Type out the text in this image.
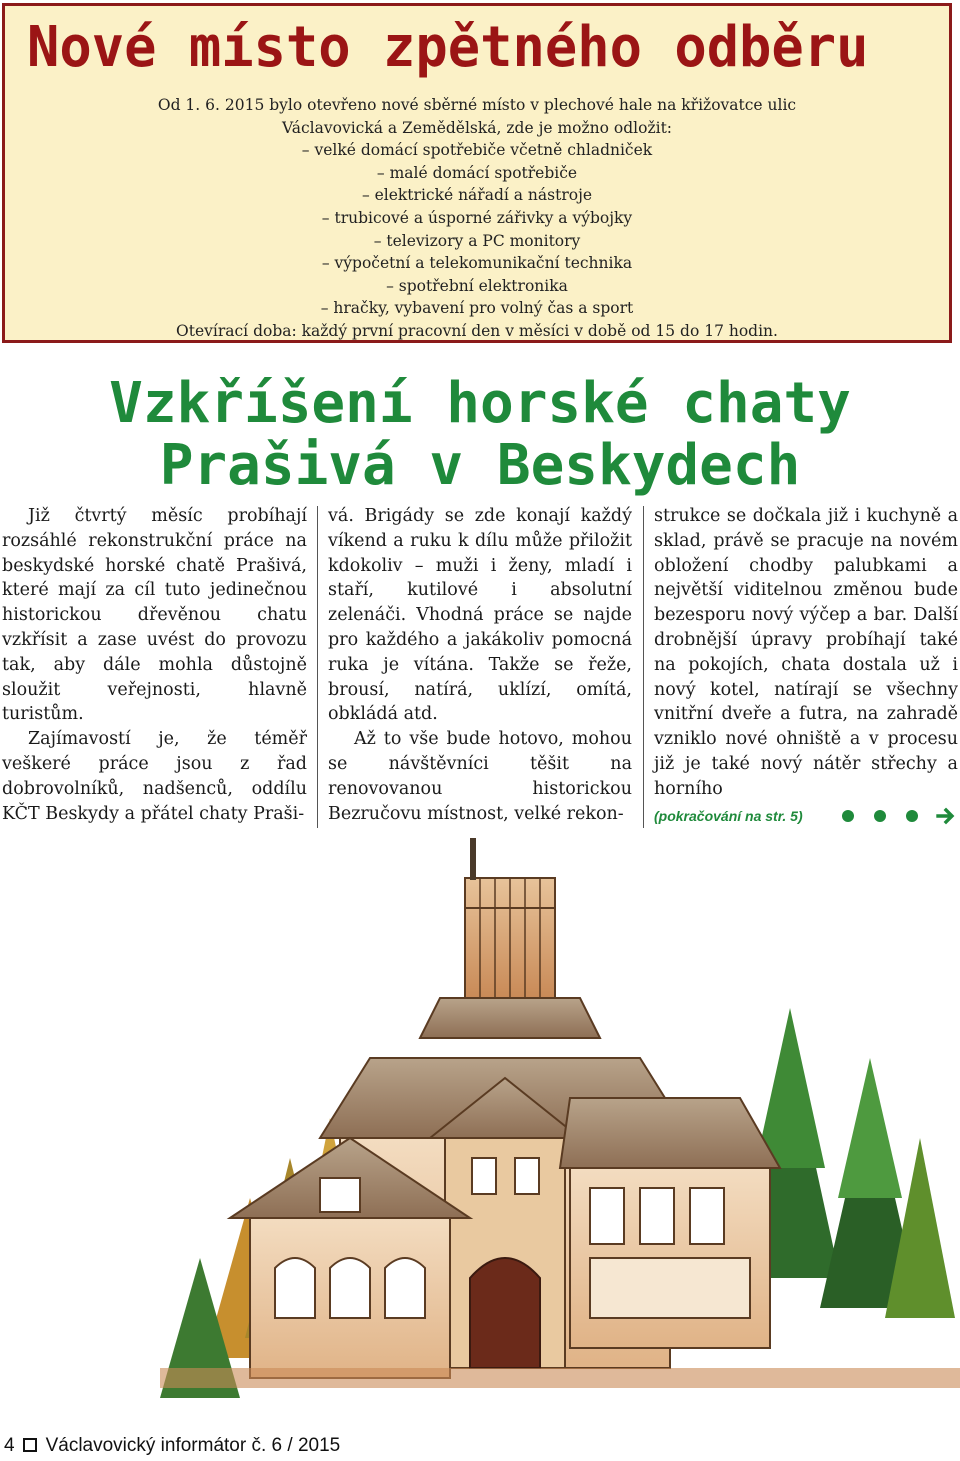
Nové místo zpětného odběru
Od 1. 6. 2015 bylo otevřeno nové sběrné místo v plechové hale na křižovatce ulic
Václavovická a Zemědělská, zde je možno odložit:
– velké domácí spotřebiče včetně chladniček
– malé domácí spotřebiče
– elektrické nářadí a nástroje
– trubicové a úsporné zářivky a výbojky
– televizory a PC monitory
– výpočetní a telekomunikační technika
– spotřební elektronika
– hračky, vybavení pro volný čas a sport
Otevírací doba: každý první pracovní den v měsíci v době od 15 do 17 hodin.
Vzkříšení horské chaty
Prašivá v Beskydech

Již čtvrtý měsíc probíhají rozsáhlé rekonstrukční práce na beskydské horské chatě Prašivá, které mají za cíl tuto jedinečnou historickou dřevěnou chatu vzkřísit a zase uvést do provozu tak, aby dále mohla důstojně sloužit veřejnosti, hlavně turistům.

Zajímavostí je, že téměř veškeré práce jsou z řad dobrovolníků, nadšenců, oddílu KČT Beskydy a přátel chaty Praši-

vá. Brigády se zde konají každý víkend a ruku k dílu může přiložit kdokoliv – muži i ženy, mladí i staří, kutilové i absolutní zelenáči. Vhodná práce se najde pro každého a jakákoliv pomocná ruka je vítána. Takže se řeže, brousí, natírá, uklízí, omítá, obkládá atd.

Až to vše bude hotovo, mohou se návštěvníci těšit na renovovanou historickou Bezručovu místnost, velké rekon-

strukce se dočkala již i kuchyně a sklad, právě se pracuje na novém obložení chodby palubkami a největší viditelnou změnou bude bezesporu nový výčep a bar. Další drobnější úpravy probíhají také na pokojích, chata dostala už i nový kotel, natírají se všechny vnitřní dveře a futra, na zahradě vzniklo nové ohniště a v procesu již je také nový nátěr střechy a horního

(pokračování na str. 5)
4 Václavovický informátor č. 6 / 2015
